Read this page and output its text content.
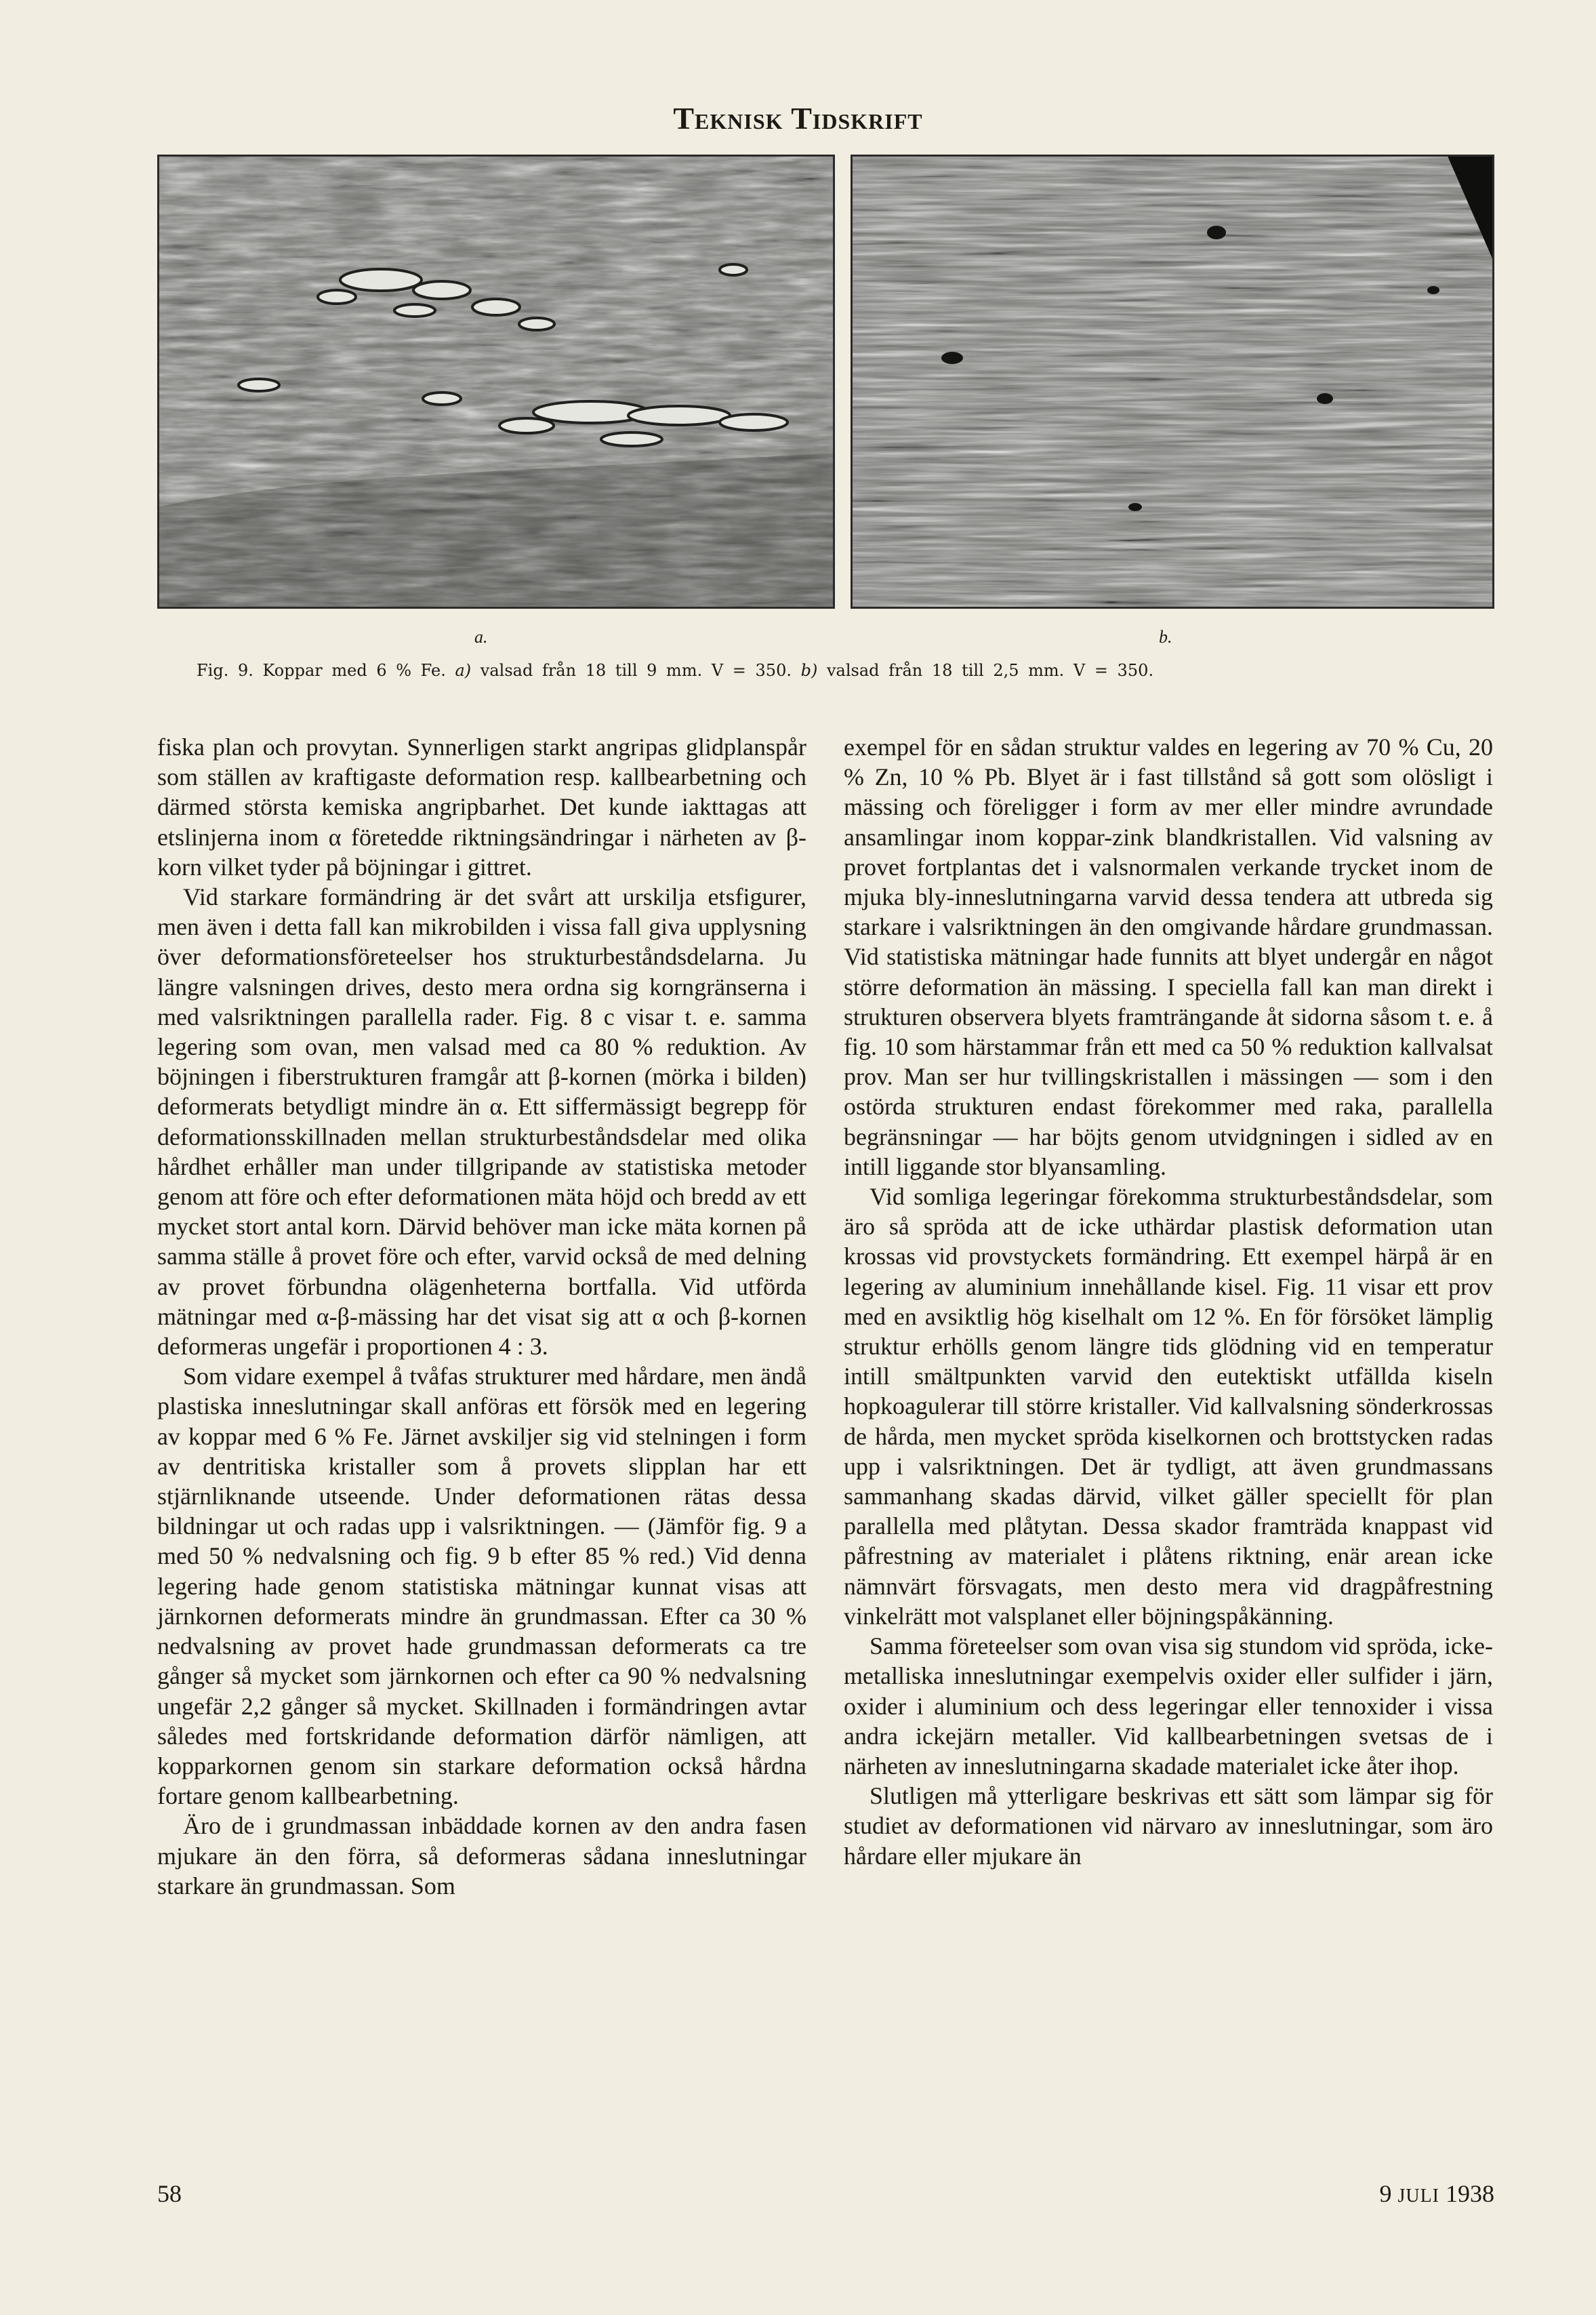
Teknisk Tidskrift
a.	b.
Fig. 9. Koppar med 6 % Fe. a) valsad från 18 till 9 mm. V = 350. b) valsad från 18 till 2,5 mm. V = 350.

fiska plan och provytan. Synnerligen starkt angripas glidplanspår som ställen av kraftigaste deformation resp. kallbearbetning och därmed största kemiska angripbarhet. Det kunde iakttagas att etslinjerna inom α företedde riktningsändringar i närheten av β-korn vilket tyder på böjningar i gittret.

Vid starkare formändring är det svårt att urskilja etsfigurer, men även i detta fall kan mikrobilden i vissa fall giva upplysning över deformationsföreteelser hos strukturbeståndsdelarna. Ju längre valsningen drives, desto mera ordna sig korngränserna i med valsriktningen parallella rader. Fig. 8 c visar t. e. samma legering som ovan, men valsad med ca 80 % reduktion. Av böjningen i fiberstrukturen framgår att β-kornen (mörka i bilden) deformerats betydligt mindre än α. Ett siffermässigt begrepp för deformationsskillnaden mellan strukturbeståndsdelar med olika hårdhet erhåller man under tillgripande av statistiska metoder genom att före och efter deformationen mäta höjd och bredd av ett mycket stort antal korn. Därvid behöver man icke mäta kornen på samma ställe å provet före och efter, varvid också de med delning av provet förbundna olägenheterna bortfalla. Vid utförda mätningar med α-β-mässing har det visat sig att α och β-kornen deformeras ungefär i proportionen 4 : 3.

Som vidare exempel å tvåfas strukturer med hårdare, men ändå plastiska inneslutningar skall anföras ett försök med en legering av koppar med 6 % Fe. Järnet avskiljer sig vid stelningen i form av dentritiska kristaller som å provets slipplan har ett stjärnliknande utseende. Under deformationen rätas dessa bildningar ut och radas upp i valsriktningen. — (Jämför fig. 9 a med 50 % nedvalsning och fig. 9 b efter 85 % red.) Vid denna legering hade genom statistiska mätningar kunnat visas att järnkornen deformerats mindre än grundmassan. Efter ca 30 % nedvalsning av provet hade grundmassan deformerats ca tre gånger så mycket som järnkornen och efter ca 90 % nedvalsning ungefär 2,2 gånger så mycket. Skillnaden i formändringen avtar således med fortskridande deformation därför nämligen, att kopparkornen genom sin starkare deformation också hårdna fortare genom kallbearbetning.

Äro de i grundmassan inbäddade kornen av den andra fasen mjukare än den förra, så deformeras sådana inneslutningar starkare än grundmassan. Som

exempel för en sådan struktur valdes en legering av 70 % Cu, 20 % Zn, 10 % Pb. Blyet är i fast tillstånd så gott som olösligt i mässing och föreligger i form av mer eller mindre avrundade ansamlingar inom koppar-zink blandkristallen. Vid valsning av provet fortplantas det i valsnormalen verkande trycket inom de mjuka bly-inneslutningarna varvid dessa tendera att utbreda sig starkare i valsriktningen än den omgivande hårdare grundmassan. Vid statistiska mätningar hade funnits att blyet undergår en något större deformation än mässing. I speciella fall kan man direkt i strukturen observera blyets framträngande åt sidorna såsom t. e. å fig. 10 som härstammar från ett med ca 50 % reduktion kallvalsat prov. Man ser hur tvillingskristallen i mässingen — som i den ostörda strukturen endast förekommer med raka, parallella begränsningar — har böjts genom utvidgningen i sidled av en intill liggande stor blyansamling.

Vid somliga legeringar förekomma strukturbeståndsdelar, som äro så spröda att de icke uthärdar plastisk deformation utan krossas vid provstyckets formändring. Ett exempel härpå är en legering av aluminium innehållande kisel. Fig. 11 visar ett prov med en avsiktlig hög kiselhalt om 12 %. En för försöket lämplig struktur erhölls genom längre tids glödning vid en temperatur intill smältpunkten varvid den eutektiskt utfällda kiseln hopkoagulerar till större kristaller. Vid kallvalsning sönderkrossas de hårda, men mycket spröda kiselkornen och brottstycken radas upp i valsriktningen. Det är tydligt, att även grundmassans sammanhang skadas därvid, vilket gäller speciellt för plan parallella med plåtytan. Dessa skador framträda knappast vid påfrestning av materialet i plåtens riktning, enär arean icke nämnvärt försvagats, men desto mera vid dragpåfrestning vinkelrätt mot valsplanet eller böjningspåkänning.

Samma företeelser som ovan visa sig stundom vid spröda, icke-metalliska inneslutningar exempelvis oxider eller sulfider i järn, oxider i aluminium och dess legeringar eller tennoxider i vissa andra ickejärn metaller. Vid kallbearbetningen svetsas de i närheten av inneslutningarna skadade materialet icke åter ihop.

Slutligen må ytterligare beskrivas ett sätt som lämpar sig för studiet av deformationen vid närvaro av inneslutningar, som äro hårdare eller mjukare än

58	9 JULI 1938
